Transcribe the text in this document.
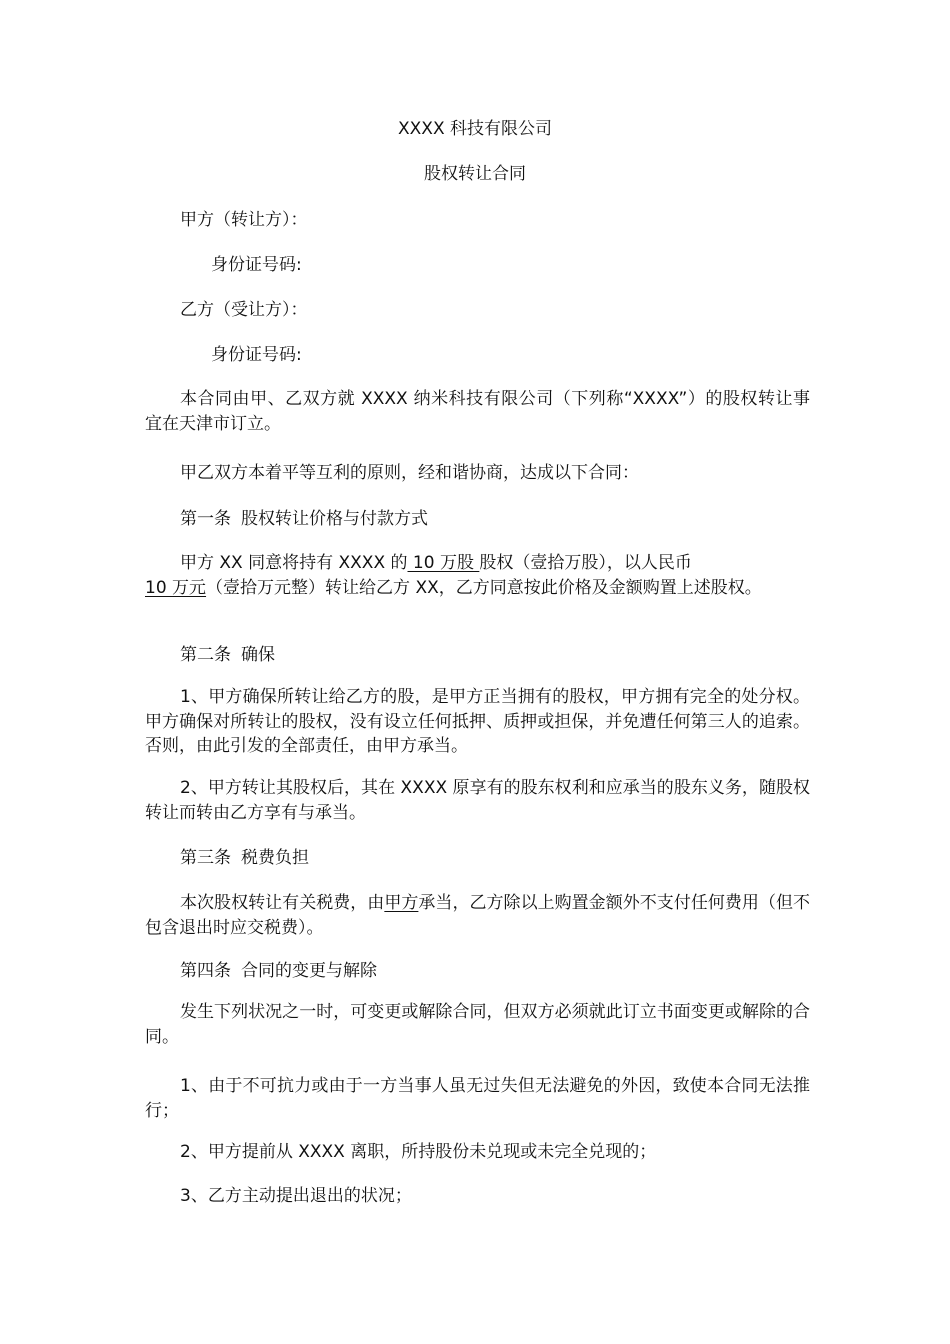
XXXX 科技有限公司
股权转让合同

甲方（转让方）：

身份证号码:

乙方（受让方）：

身份证号码:

本合同由甲、乙双方就 XXXX 纳米科技有限公司（下列称“XXXX”）的股权转让事宜在天津市订立。

甲乙双方本着平等互利的原则，经和谐协商，达成以下合同：

第一条 股权转让价格与付款方式

甲方 XX 同意将持有 XXXX 的 10 万股 股权（壹拾万股），以人民币
10 万元（壹拾万元整）转让给乙方 XX，乙方同意按此价格及金额购置上述股权。

第二条 确保

1、甲方确保所转让给乙方的股，是甲方正当拥有的股权，甲方拥有完全的处分权。甲方确保对所转让的股权，没有设立任何抵押、质押或担保，并免遭任何第三人的追索。否则，由此引发的全部责任，由甲方承当。

2、甲方转让其股权后，其在 XXXX 原享有的股东权利和应承当的股东义务，随股权转让而转由乙方享有与承当。

第三条 税费负担

本次股权转让有关税费，由甲方承当，乙方除以上购置金额外不支付任何费用（但不包含退出时应交税费）。

第四条 合同的变更与解除

发生下列状况之一时，可变更或解除合同，但双方必须就此订立书面变更或解除的合同。

1、由于不可抗力或由于一方当事人虽无过失但无法避免的外因，致使本合同无法推行；

2、甲方提前从 XXXX 离职，所持股份未兑现或未完全兑现的；

3、乙方主动提出退出的状况；
